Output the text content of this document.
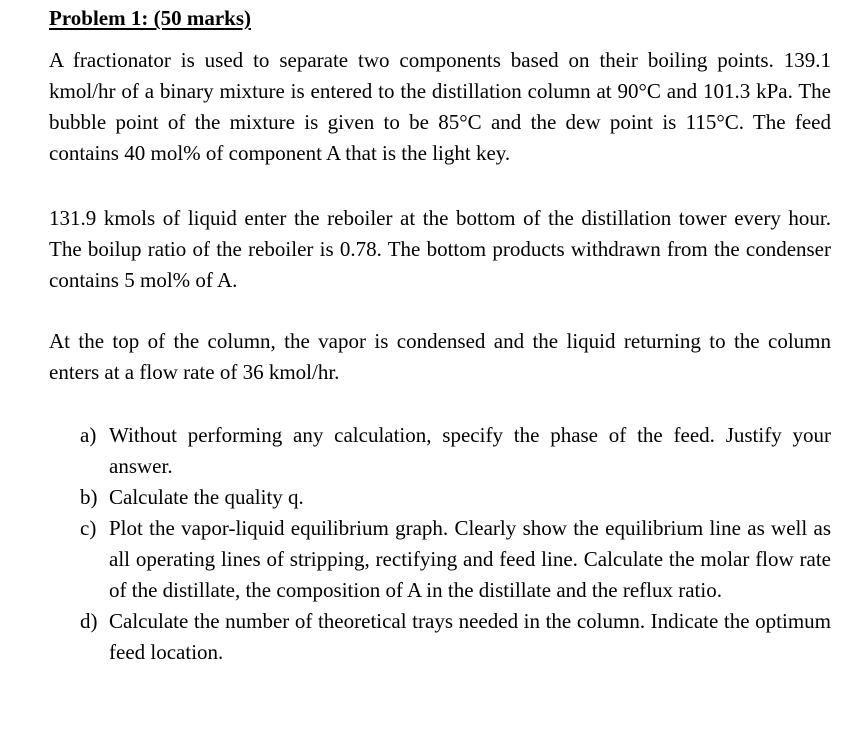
Problem 1: (50 marks)

A fractionator is used to separate two components based on their boiling points. 139.1 kmol/hr of a binary mixture is entered to the distillation column at 90°C and 101.3 kPa. The bubble point of the mixture is given to be 85°C and the dew point is 115°C. The feed contains 40 mol% of component A that is the light key.

131.9 kmols of liquid enter the reboiler at the bottom of the distillation tower every hour. The boilup ratio of the reboiler is 0.78. The bottom products withdrawn from the condenser contains 5 mol% of A.

At the top of the column, the vapor is condensed and the liquid returning to the column enters at a flow rate of 36 kmol/hr.

a) Without performing any calculation, specify the phase of the feed. Justify your answer.
b) Calculate the quality q.
c) Plot the vapor-liquid equilibrium graph. Clearly show the equilibrium line as well as all operating lines of stripping, rectifying and feed line. Calculate the molar flow rate of the distillate, the composition of A in the distillate and the reflux ratio.
d) Calculate the number of theoretical trays needed in the column. Indicate the optimum feed location.
